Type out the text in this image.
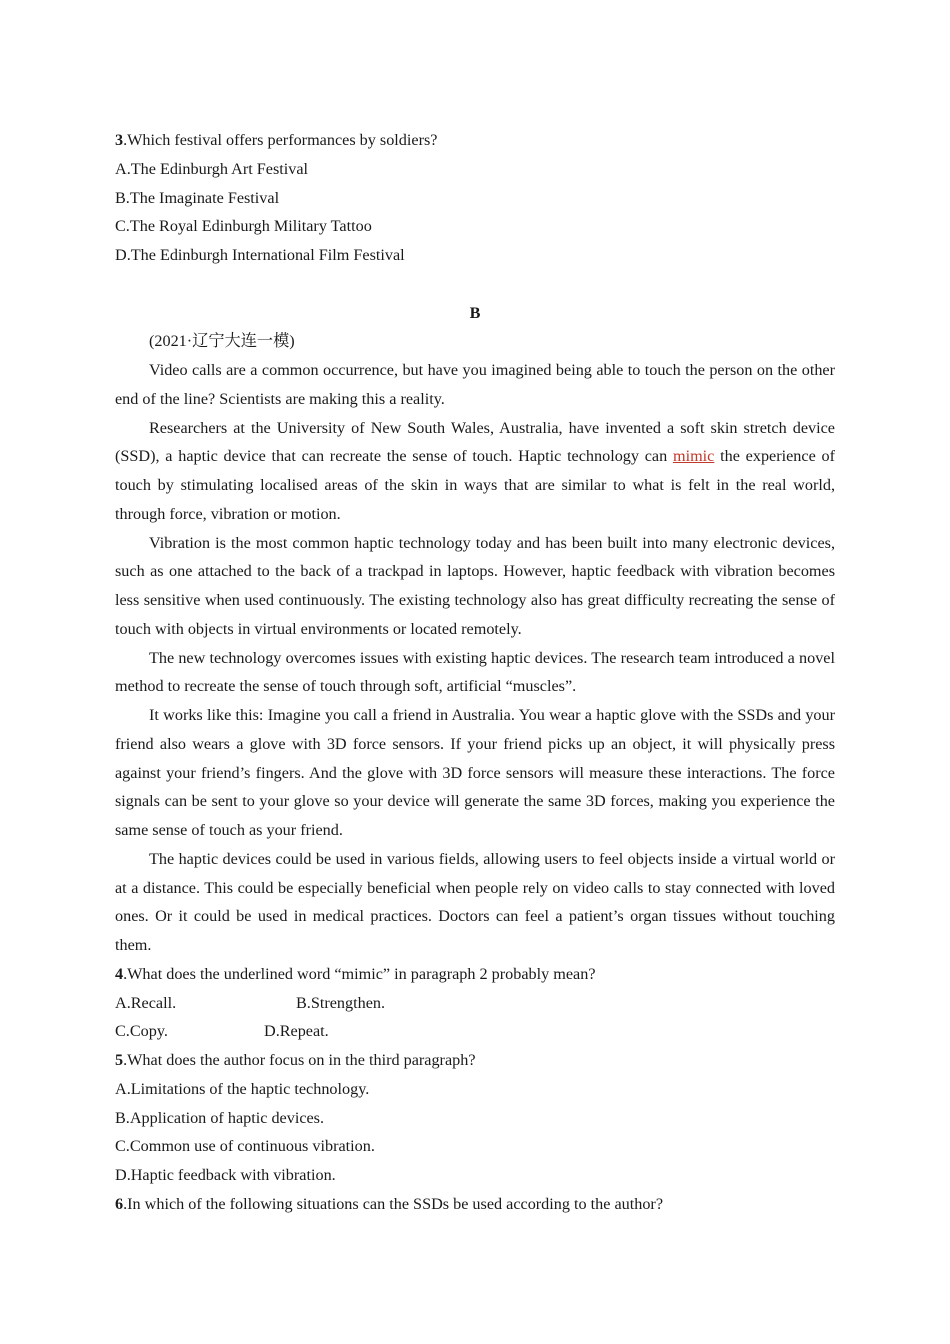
3.Which festival offers performances by soldiers?
A.The Edinburgh Art Festival
B.The Imaginate Festival
C.The Royal Edinburgh Military Tattoo
D.The Edinburgh International Film Festival
B
(2021·辽宁大连一模)
Video calls are a common occurrence, but have you imagined being able to touch the person on the other end of the line? Scientists are making this a reality.
Researchers at the University of New South Wales, Australia, have invented a soft skin stretch device (SSD), a haptic device that can recreate the sense of touch. Haptic technology can mimic the experience of touch by stimulating localised areas of the skin in ways that are similar to what is felt in the real world, through force, vibration or motion.
Vibration is the most common haptic technology today and has been built into many electronic devices, such as one attached to the back of a trackpad in laptops. However, haptic feedback with vibration becomes less sensitive when used continuously. The existing technology also has great difficulty recreating the sense of touch with objects in virtual environments or located remotely.
The new technology overcomes issues with existing haptic devices. The research team introduced a novel method to recreate the sense of touch through soft, artificial “muscles”.
It works like this: Imagine you call a friend in Australia. You wear a haptic glove with the SSDs and your friend also wears a glove with 3D force sensors. If your friend picks up an object, it will physically press against your friend’s fingers. And the glove with 3D force sensors will measure these interactions. The force signals can be sent to your glove so your device will generate the same 3D forces, making you experience the same sense of touch as your friend.
The haptic devices could be used in various fields, allowing users to feel objects inside a virtual world or at a distance. This could be especially beneficial when people rely on video calls to stay connected with loved ones. Or it could be used in medical practices. Doctors can feel a patient’s organ tissues without touching them.
4.What does the underlined word “mimic” in paragraph 2 probably mean?
A.Recall.	B.Strengthen.
C.Copy.	D.Repeat.
5.What does the author focus on in the third paragraph?
A.Limitations of the haptic technology.
B.Application of haptic devices.
C.Common use of continuous vibration.
D.Haptic feedback with vibration.
6.In which of the following situations can the SSDs be used according to the author?
